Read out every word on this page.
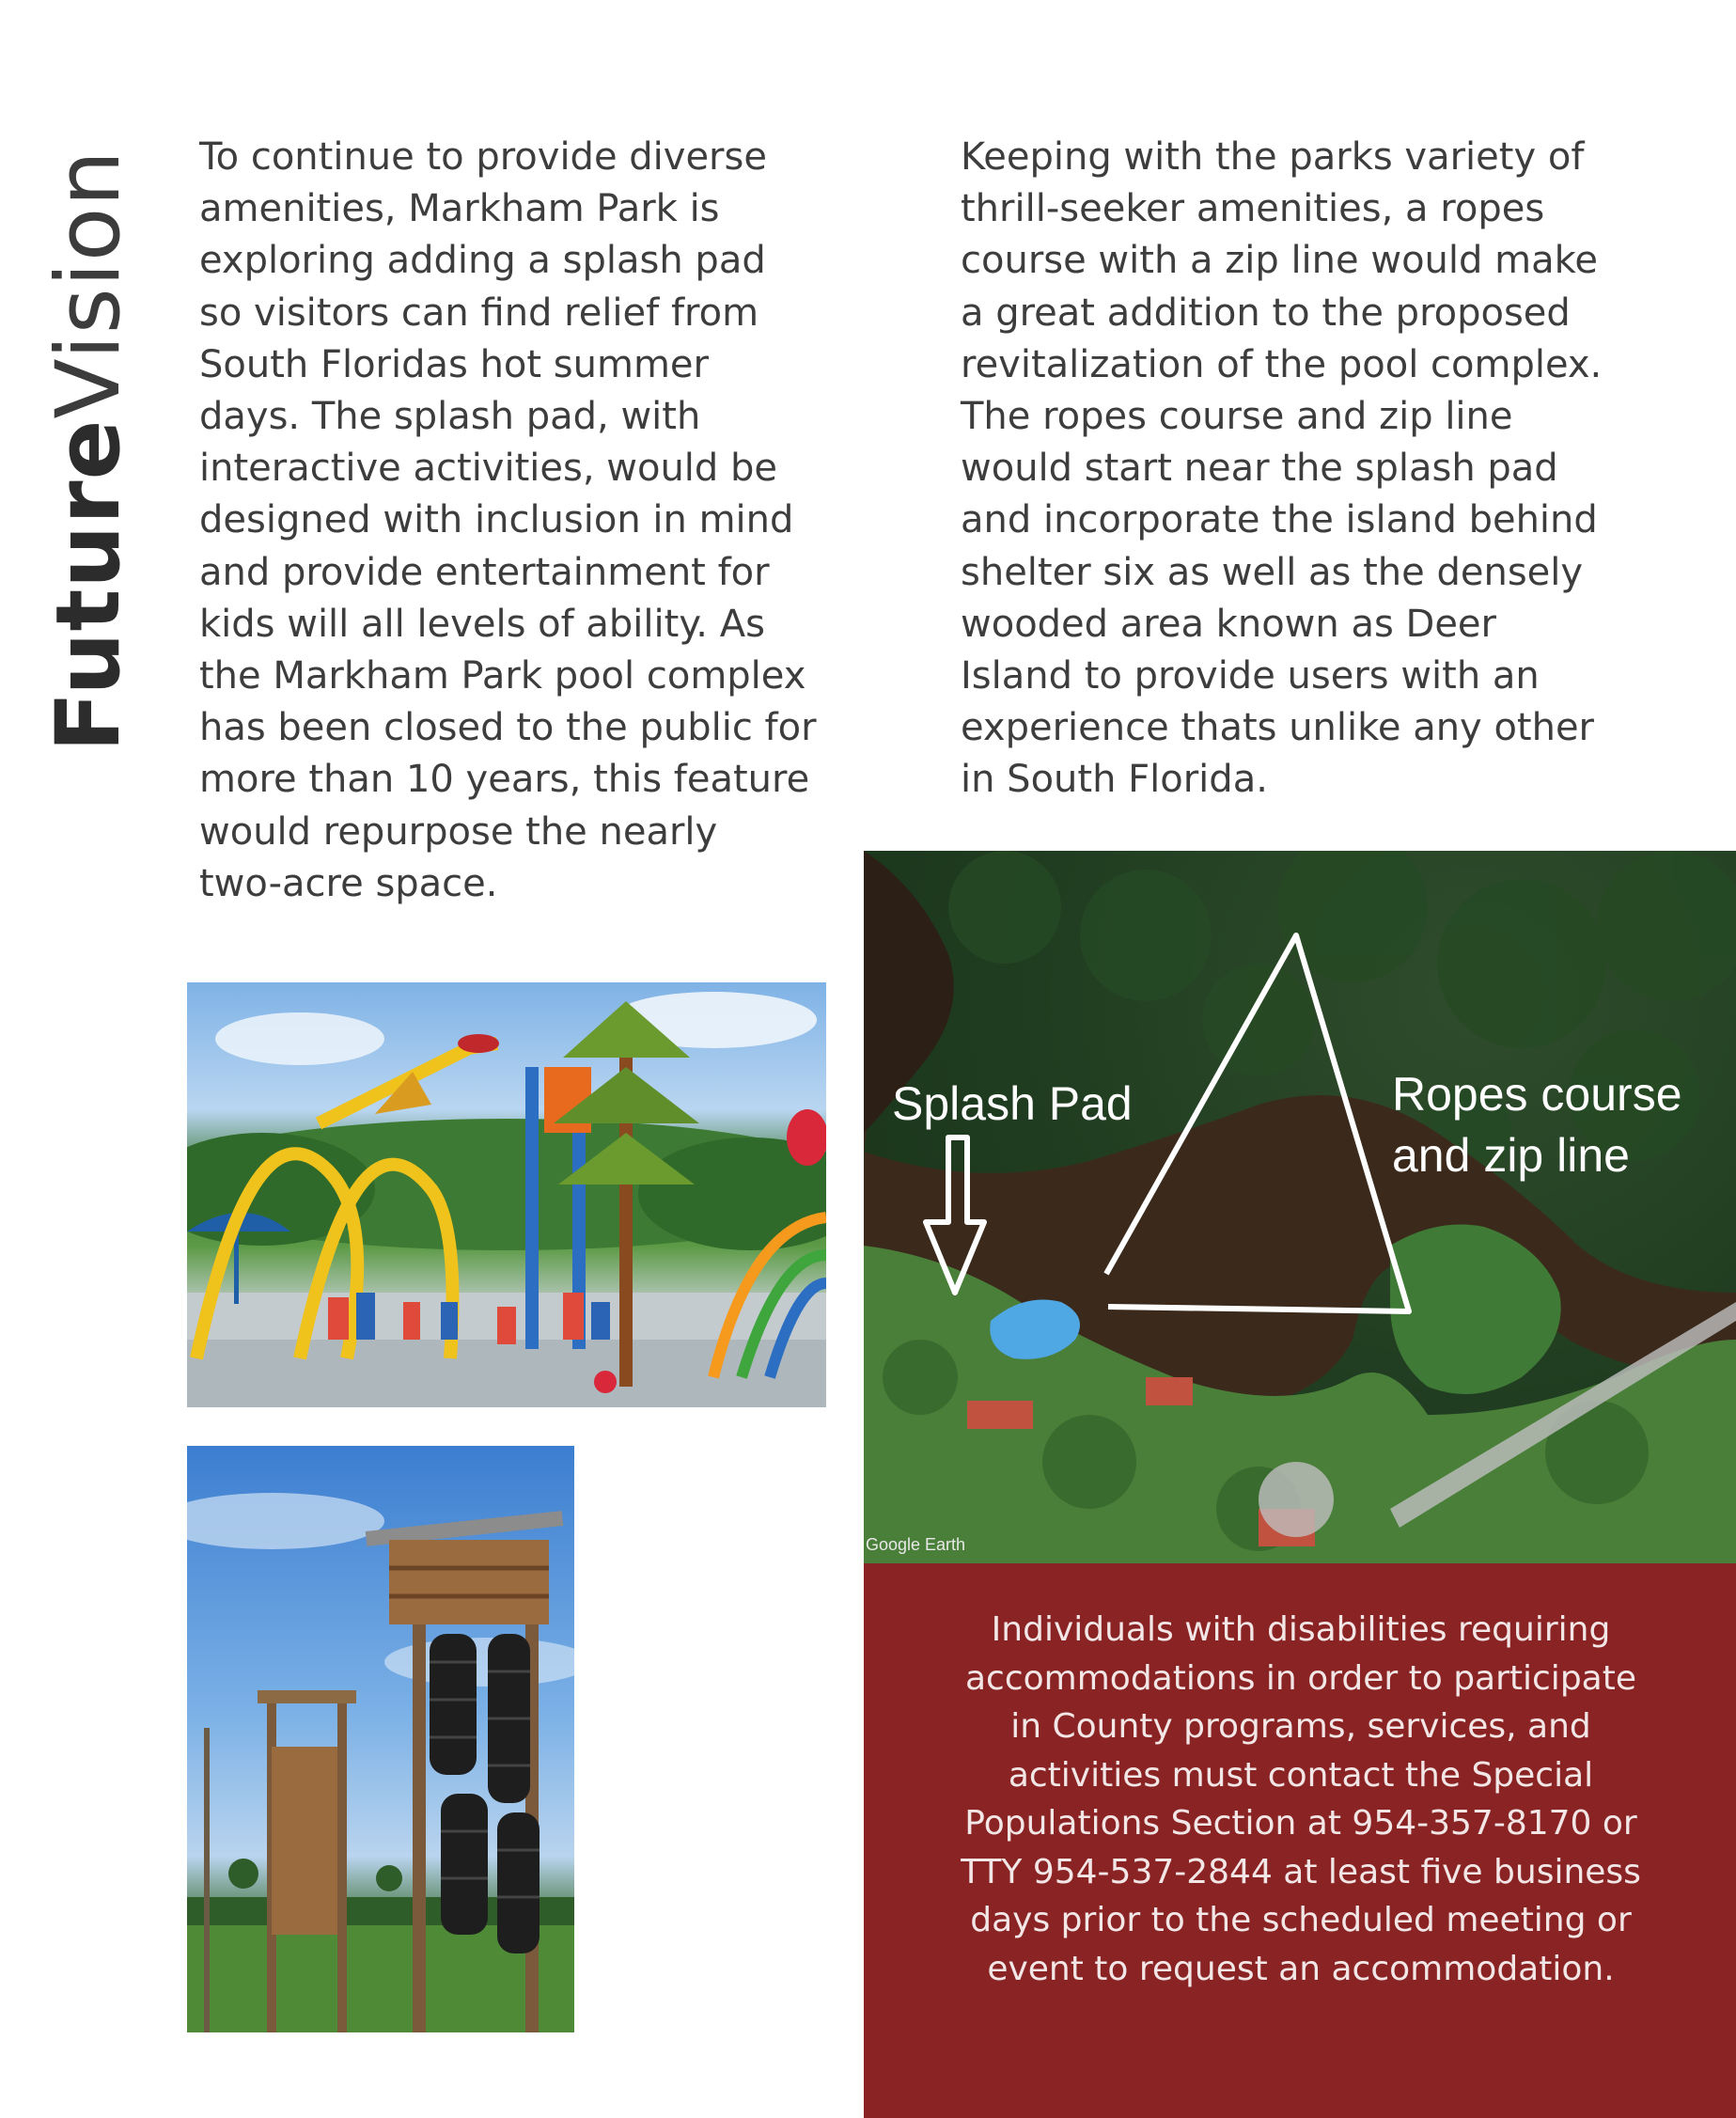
FutureVision To continue to provide diverse
amenities, Markham Park is
exploring adding a splash pad
so visitors can find relief from
South Floridas hot summer
days. The splash pad, with
interactive activities, would be
designed with inclusion in mind
and provide entertainment for
kids will all levels of ability. As
the Markham Park pool complex
has been closed to the public for
more than 10 years, this feature
would repurpose the nearly
two-acre space.
Keeping with the parks variety of
thrill-seeker amenities, a ropes
course with a zip line would make
a great addition to the proposed
revitalization of the pool complex.
The ropes course and zip line
would start near the splash pad
and incorporate the island behind
shelter six as well as the densely
wooded area known as Deer
Island to provide users with an
experience thats unlike any other
in South Florida.
Splash Pad	Ropes course
and zip line
Google Earth

Individuals with disabilities requiring
accommodations in order to participate
in County programs, services, and
activities must contact the Special
Populations Section at 954-357-8170 or
TTY 954-537-2844 at least five business
days prior to the scheduled meeting or
event to request an accommodation.
